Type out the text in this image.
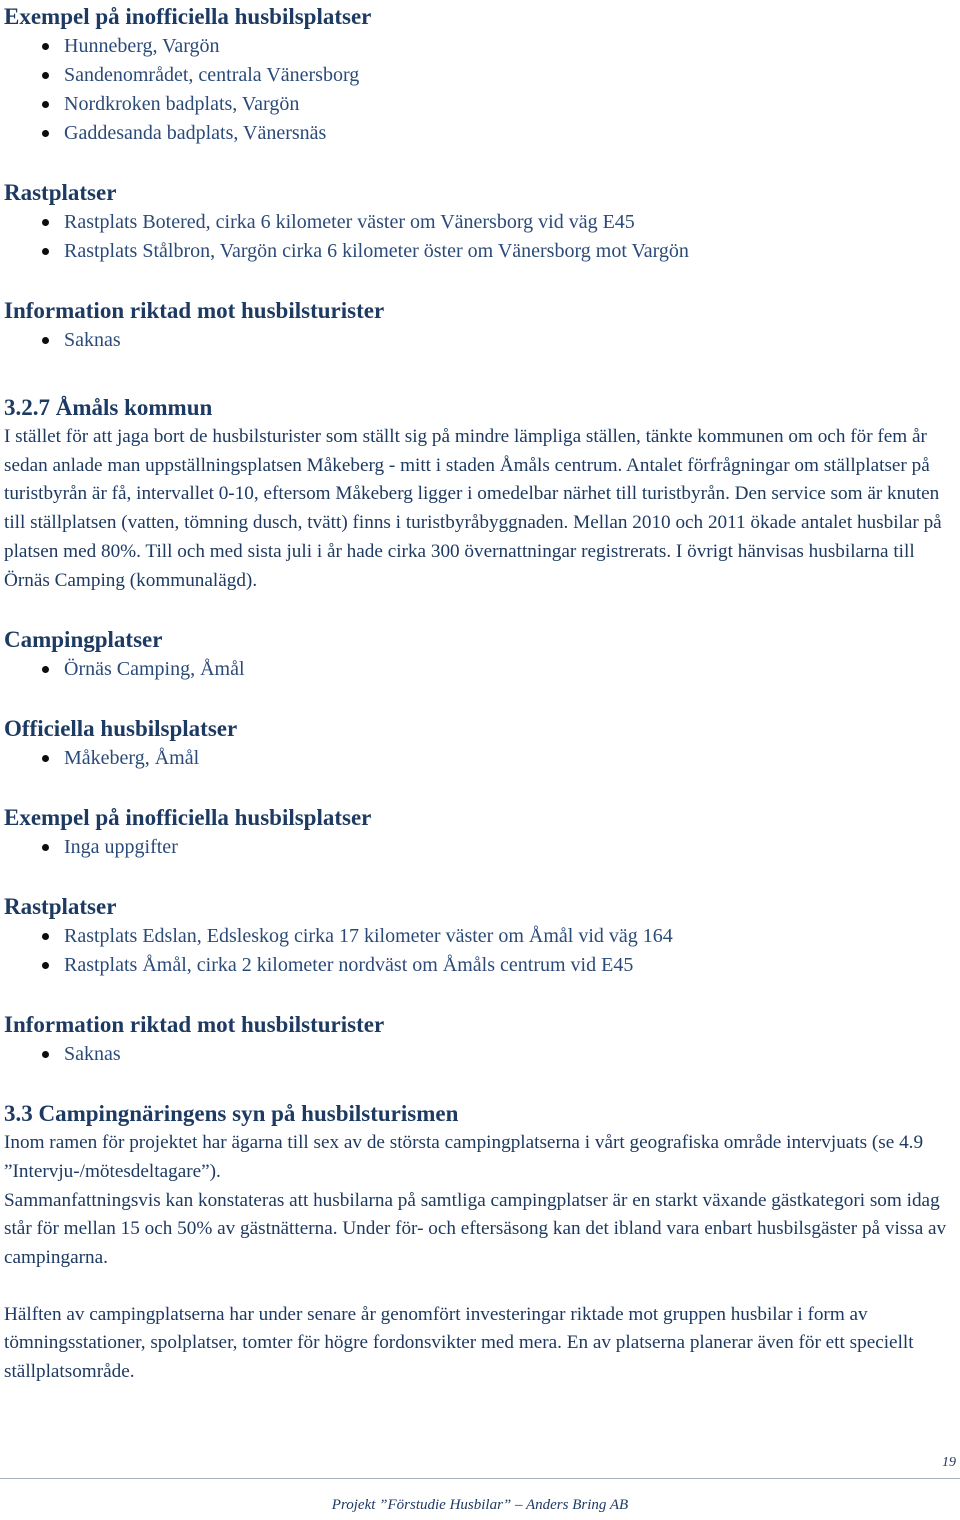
Exempel på inofficiella husbilsplatser
Hunneberg, Vargön
Sandenområdet, centrala Vänersborg
Nordkroken badplats, Vargön
Gaddesanda badplats, Vänersnäs
Rastplatser
Rastplats Botered, cirka 6 kilometer väster om Vänersborg vid väg E45
Rastplats Stålbron, Vargön cirka 6 kilometer öster om Vänersborg mot Vargön
Information riktad mot husbilsturister
Saknas
3.2.7 Åmåls kommun

I stället för att jaga bort de husbilsturister som ställt sig på mindre lämpliga ställen, tänkte kommunen om och för fem år sedan anlade man uppställningsplatsen Måkeberg - mitt i staden Åmåls centrum. Antalet förfrågningar om ställplatser på turistbyrån är få, intervallet 0-10, eftersom Måkeberg ligger i omedelbar närhet till turistbyrån. Den service som är knuten till ställplatsen (vatten, tömning dusch, tvätt) finns i turistbyråbyggnaden. Mellan 2010 och 2011 ökade antalet husbilar på platsen med 80%. Till och med sista juli i år hade cirka 300 övernattningar registrerats. I övrigt hänvisas husbilarna till Örnäs Camping (kommunalägd).

Campingplatser
Örnäs Camping, Åmål
Officiella husbilsplatser
Måkeberg, Åmål
Exempel på inofficiella husbilsplatser
Inga uppgifter
Rastplatser
Rastplats Edslan, Edsleskog cirka 17 kilometer väster om Åmål vid väg 164
Rastplats Åmål, cirka 2 kilometer nordväst om Åmåls centrum vid E45
Information riktad mot husbilsturister
Saknas
3.3 Campingnäringens syn på husbilsturismen

Inom ramen för projektet har ägarna till sex av de största campingplatserna i vårt geografiska område intervjuats (se 4.9 ”Intervju-/mötesdeltagare”).

Sammanfattningsvis kan konstateras att husbilarna på samtliga campingplatser är en starkt växande gästkategori som idag står för mellan 15 och 50% av gästnätterna. Under för- och eftersäsong kan det ibland vara enbart husbilsgäster på vissa av campingarna.

Hälften av campingplatserna har under senare år genomfört investeringar riktade mot gruppen husbilar i form av tömningsstationer, spolplatser, tomter för högre fordonsvikter med mera. En av platserna planerar även för ett speciellt ställplatsområde.

19
Projekt ”Förstudie Husbilar” – Anders Bring AB
